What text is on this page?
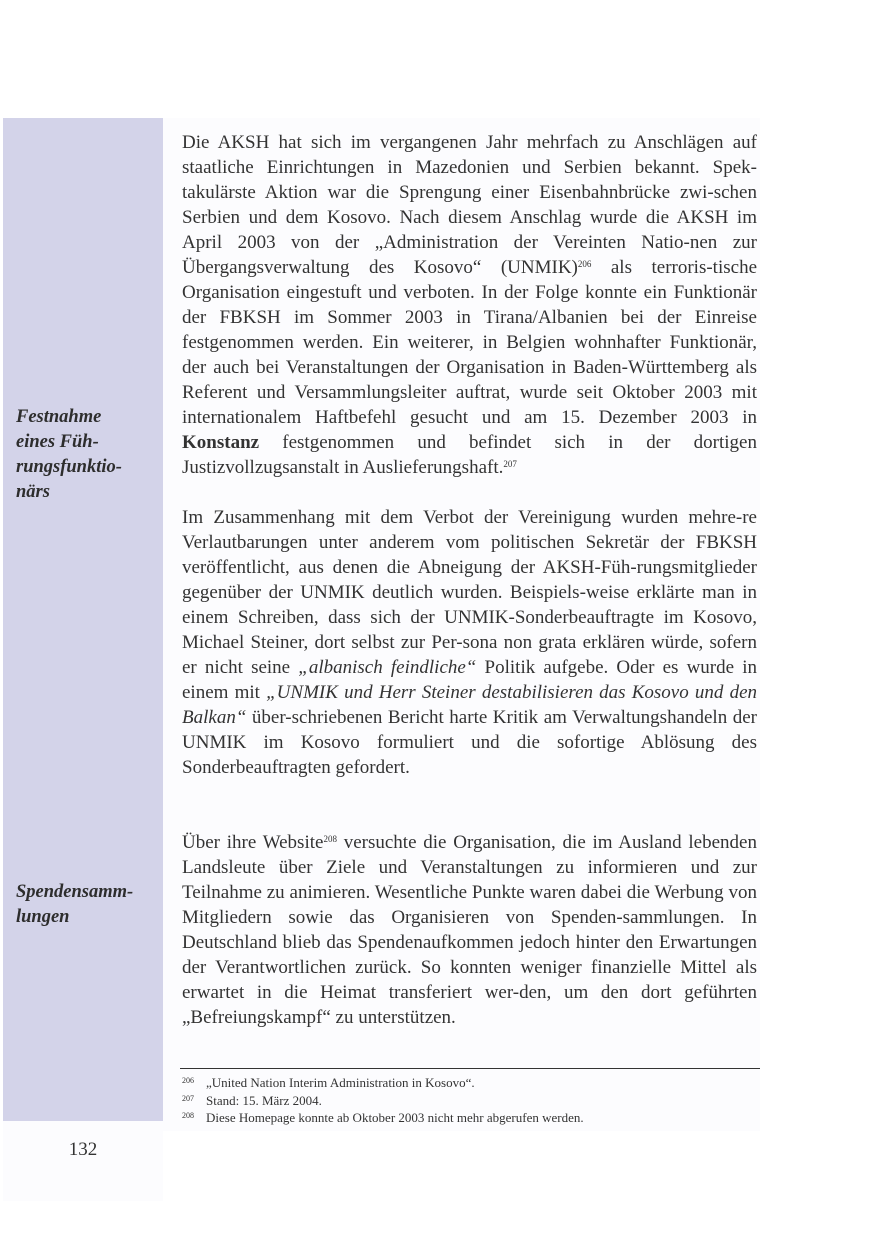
Festnahme
eines Füh-
rungsfunktio-
närs
Spendensamm-
lungen

Die AKSH hat sich im vergangenen Jahr mehrfach zu Anschlägen auf staatliche Einrichtungen in Mazedonien und Serbien bekannt. Spek-takulärste Aktion war die Sprengung einer Eisenbahnbrücke zwi-schen Serbien und dem Kosovo. Nach diesem Anschlag wurde die AKSH im April 2003 von der „Administration der Vereinten Natio-nen zur Übergangsverwaltung des Kosovo“ (UNMIK)$^{206}$ als terroris-tische Organisation eingestuft und verboten. In der Folge konnte ein Funktionär der FBKSH im Sommer 2003 in Tirana/Albanien bei der Einreise festgenommen werden. Ein weiterer, in Belgien wohnhafter Funktionär, der auch bei Veranstaltungen der Organisation in Baden-Württemberg als Referent und Versammlungsleiter auftrat, wurde seit Oktober 2003 mit internationalem Haftbefehl gesucht und am 15. Dezember 2003 in Konstanz festgenommen und befindet sich in der dortigen Justizvollzugsanstalt in Auslieferungshaft.$^{207}$

Im Zusammenhang mit dem Verbot der Vereinigung wurden mehre-re Verlautbarungen unter anderem vom politischen Sekretär der FBKSH veröffentlicht, aus denen die Abneigung der AKSH-Füh-rungsmitglieder gegenüber der UNMIK deutlich wurden. Beispiels-weise erklärte man in einem Schreiben, dass sich der UNMIK-Sonderbeauftragte im Kosovo, Michael Steiner, dort selbst zur Per-sona non grata erklären würde, sofern er nicht seine „albanisch feindliche“ Politik aufgebe. Oder es wurde in einem mit „UNMIK und Herr Steiner destabilisieren das Kosovo und den Balkan“ über-schriebenen Bericht harte Kritik am Verwaltungshandeln der UNMIK im Kosovo formuliert und die sofortige Ablösung des Sonderbeauftragten gefordert.

Über ihre Website$^{208}$ versuchte die Organisation, die im Ausland lebenden Landsleute über Ziele und Veranstaltungen zu informieren und zur Teilnahme zu animieren. Wesentliche Punkte waren dabei die Werbung von Mitgliedern sowie das Organisieren von Spenden-sammlungen. In Deutschland blieb das Spendenaufkommen jedoch hinter den Erwartungen der Verantwortlichen zurück. So konnten weniger finanzielle Mittel als erwartet in die Heimat transferiert wer-den, um den dort geführten „Befreiungskampf“ zu unterstützen.

206 „United Nation Interim Administration in Kosovo“.
207 Stand: 15. März 2004.
208 Diese Homepage konnte ab Oktober 2003 nicht mehr abgerufen werden.
132
